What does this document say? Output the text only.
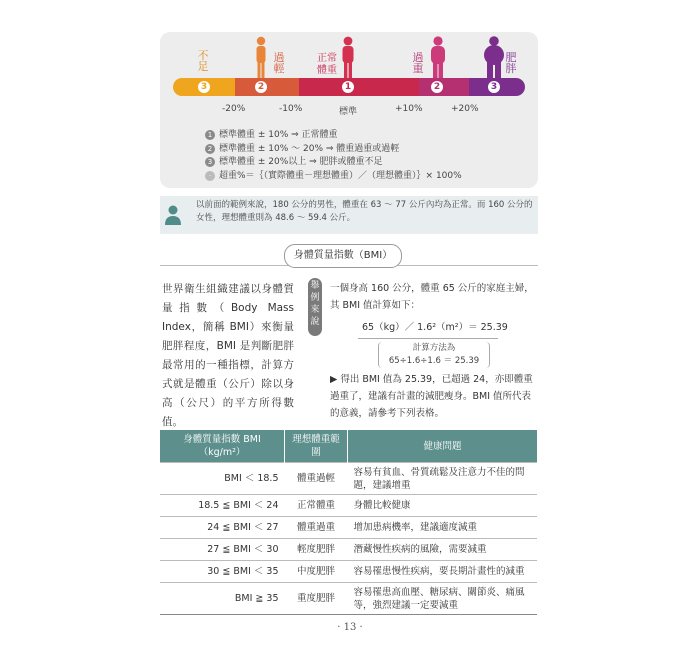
不足
過輕
正常體重
過重
肥胖
3	2	1	2	3
-20%	-10%	標準	+10%	+20%
1 標準體重 ± 10% ⇒ 正常體重
2 標準體重 ± 10% ～ 20% ⇒ 體重過重或過輕
3 標準體重 ± 20%以上 ⇒ 肥胖或體重不足
· 超重%＝｛（實際體重－理想體重）／（理想體重）｝× 100%
以前面的範例來說，180 公分的男性，體重在 63 ～ 77 公斤內均為正常。而 160 公分的女性，理想體重則為 48.6 ～ 59.4 公斤。
身體質量指數（BMI）
世界衛生組織建議以身體質量指數（Body Mass Index，簡稱 BMI）來衡量肥胖程度，BMI 是判斷肥胖最常用的一種指標，計算方式就是體重（公斤）除以身高（公尺）的平方所得數值。
舉例來說
一個身高 160 公分，體重 65 公斤的家庭主婦，其 BMI 值計算如下：
65（kg）／ 1.6²（m²）＝ 25.39
計算方法為
65÷1.6÷1.6 ＝ 25.39
▶ 得出 BMI 值為 25.39，已超過 24，亦即體重過重了，建議有計畫的減肥瘦身。BMI 值所代表的意義，請參考下列表格。
身體質量指數 BMI（kg/m²）	理想體重範圍	健康問題
BMI ＜ 18.5	體重過輕	容易有貧血、骨質疏鬆及注意力不佳的問題，建議增重
18.5 ≦ BMI ＜ 24	正常體重	身體比較健康
24 ≦ BMI ＜ 27	體重過重	增加患病機率，建議適度減重
27 ≦ BMI ＜ 30	輕度肥胖	潛藏慢性疾病的風險，需要減重
30 ≦ BMI ＜ 35	中度肥胖	容易罹患慢性疾病，要長期計畫性的減重
BMI ≧ 35	重度肥胖	容易罹患高血壓、糖尿病、關節炎、痛風等，強烈建議一定要減重
· 13 ·
